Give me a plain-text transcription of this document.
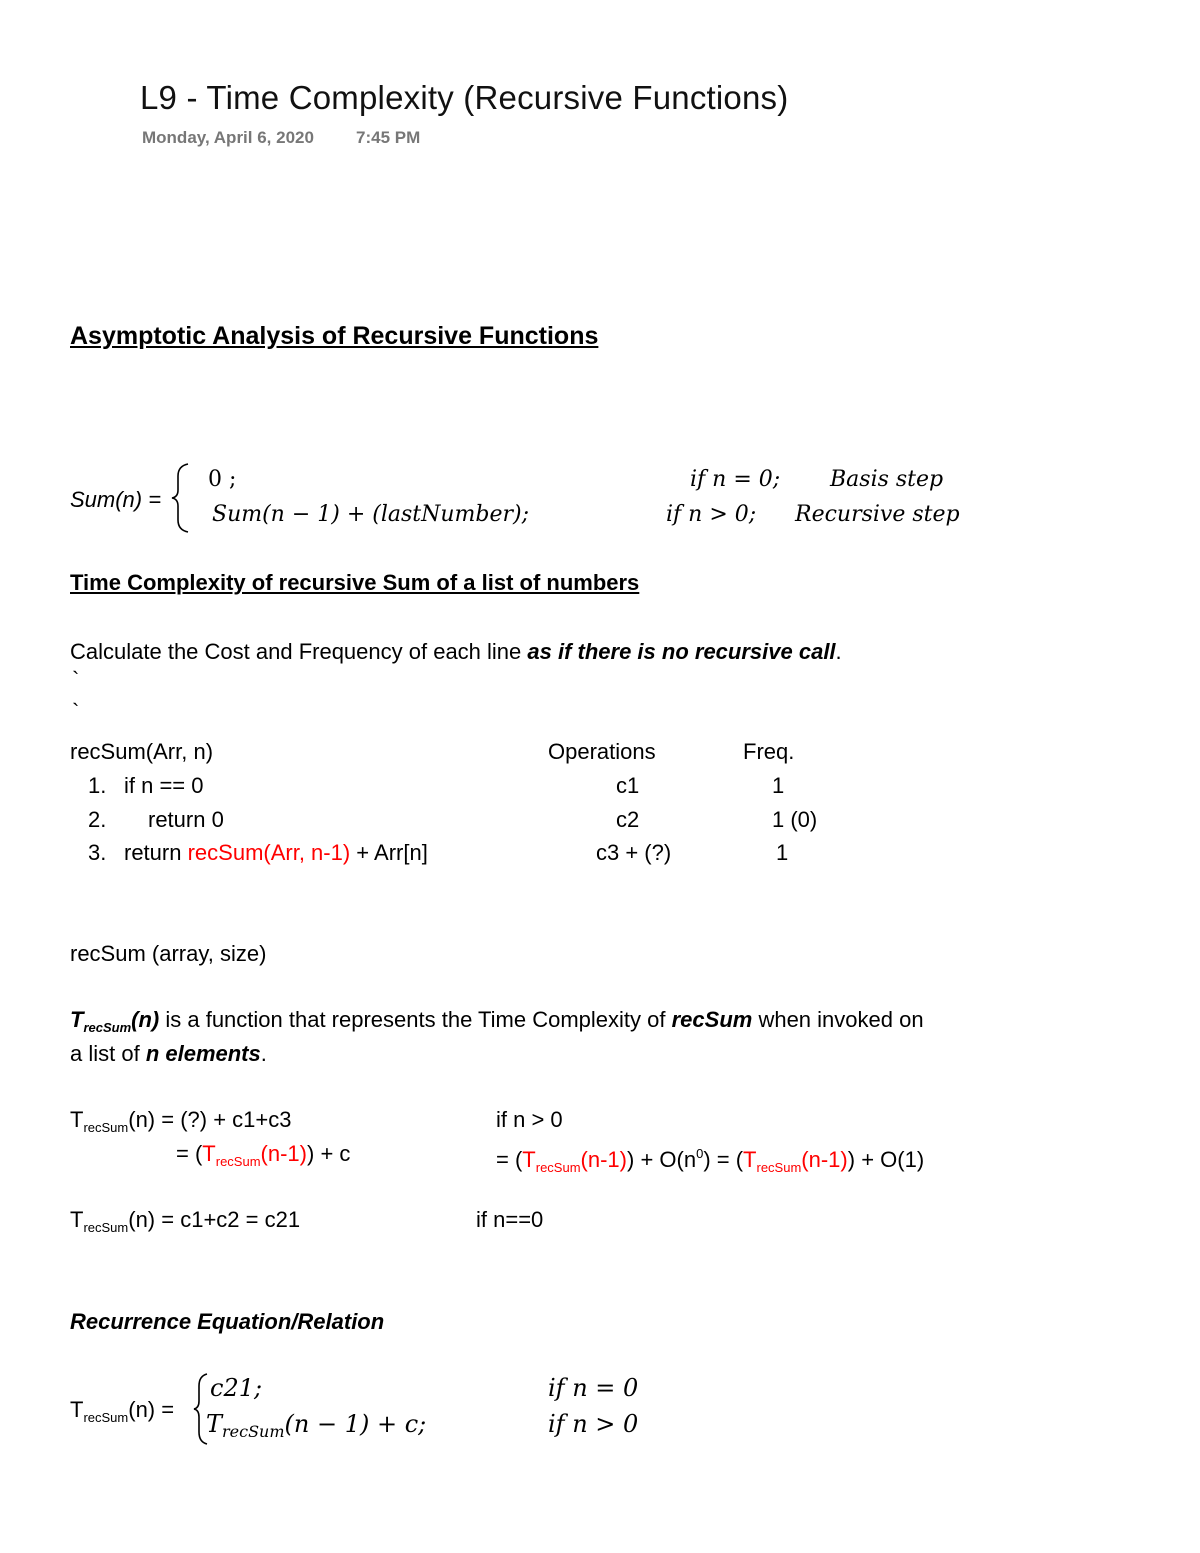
L9 - Time Complexity (Recursive Functions)
Monday, April 6, 2020 7:45 PM
Asymptotic Analysis of Recursive Functions
Sum(n) =
0 ;	if n = 0; Basis step
Sum(n − 1) + (lastNumber);	if n > 0; Recursive step
Time Complexity of recursive Sum of a list of numbers
Calculate the Cost and Frequency of each line as if there is no recursive call.
`
`
recSum(Arr, n)	Operations	Freq.
1. if n == 0	c1	1
2. return 0	c2	1 (0)
3. return recSum(Arr, n-1) + Arr[n]	c3 + (?)	1
recSum (array, size)
$T_{recSum}(n)$ is a function that represents the Time Complexity of recSum when invoked on
a list of n elements.
$T_{recSum}(n)$ = (?) + c1+c3	if n > 0
= $(T_{recSum}(n-1)) + c$	= $(T_{recSum}(n-1)) + O(n^0) = (T_{recSum}(n-1)) + O(1)$
$T_{recSum}(n) = c1+c2 = c21$	if n==0
Recurrence Equation/Relation
$T_{recSum}(n)$ =
c21;	if n = 0
$T_{recSum}(n - 1) + c$;	if n > 0
